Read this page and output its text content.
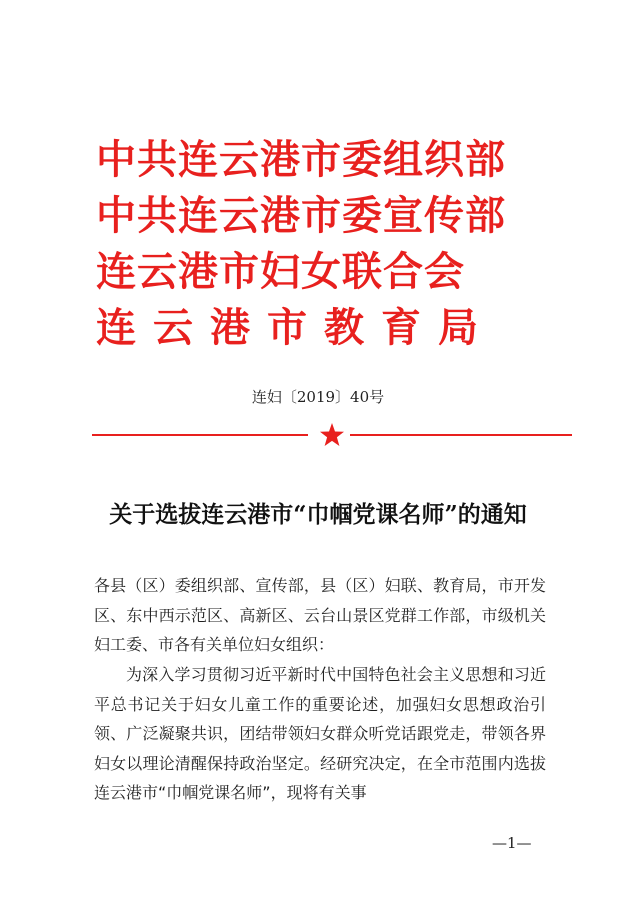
中共连云港市委组织部
中共连云港市委宣传部
连云港市妇女联合会
连云港市教育局
连妇〔2019〕40号
关于选拔连云港市“巾帼党课名师”的通知
各县（区）委组织部、宣传部，县（区）妇联、教育局，市开发区、东中西示范区、高新区、云台山景区党群工作部，市级机关妇工委、市各有关单位妇女组织：
为深入学习贯彻习近平新时代中国特色社会主义思想和习近平总书记关于妇女儿童工作的重要论述，加强妇女思想政治引领、广泛凝聚共识，团结带领妇女群众听党话跟党走，带领各界妇女以理论清醒保持政治坚定。经研究决定，在全市范围内选拔连云港市“巾帼党课名师”，现将有关事
—1—
